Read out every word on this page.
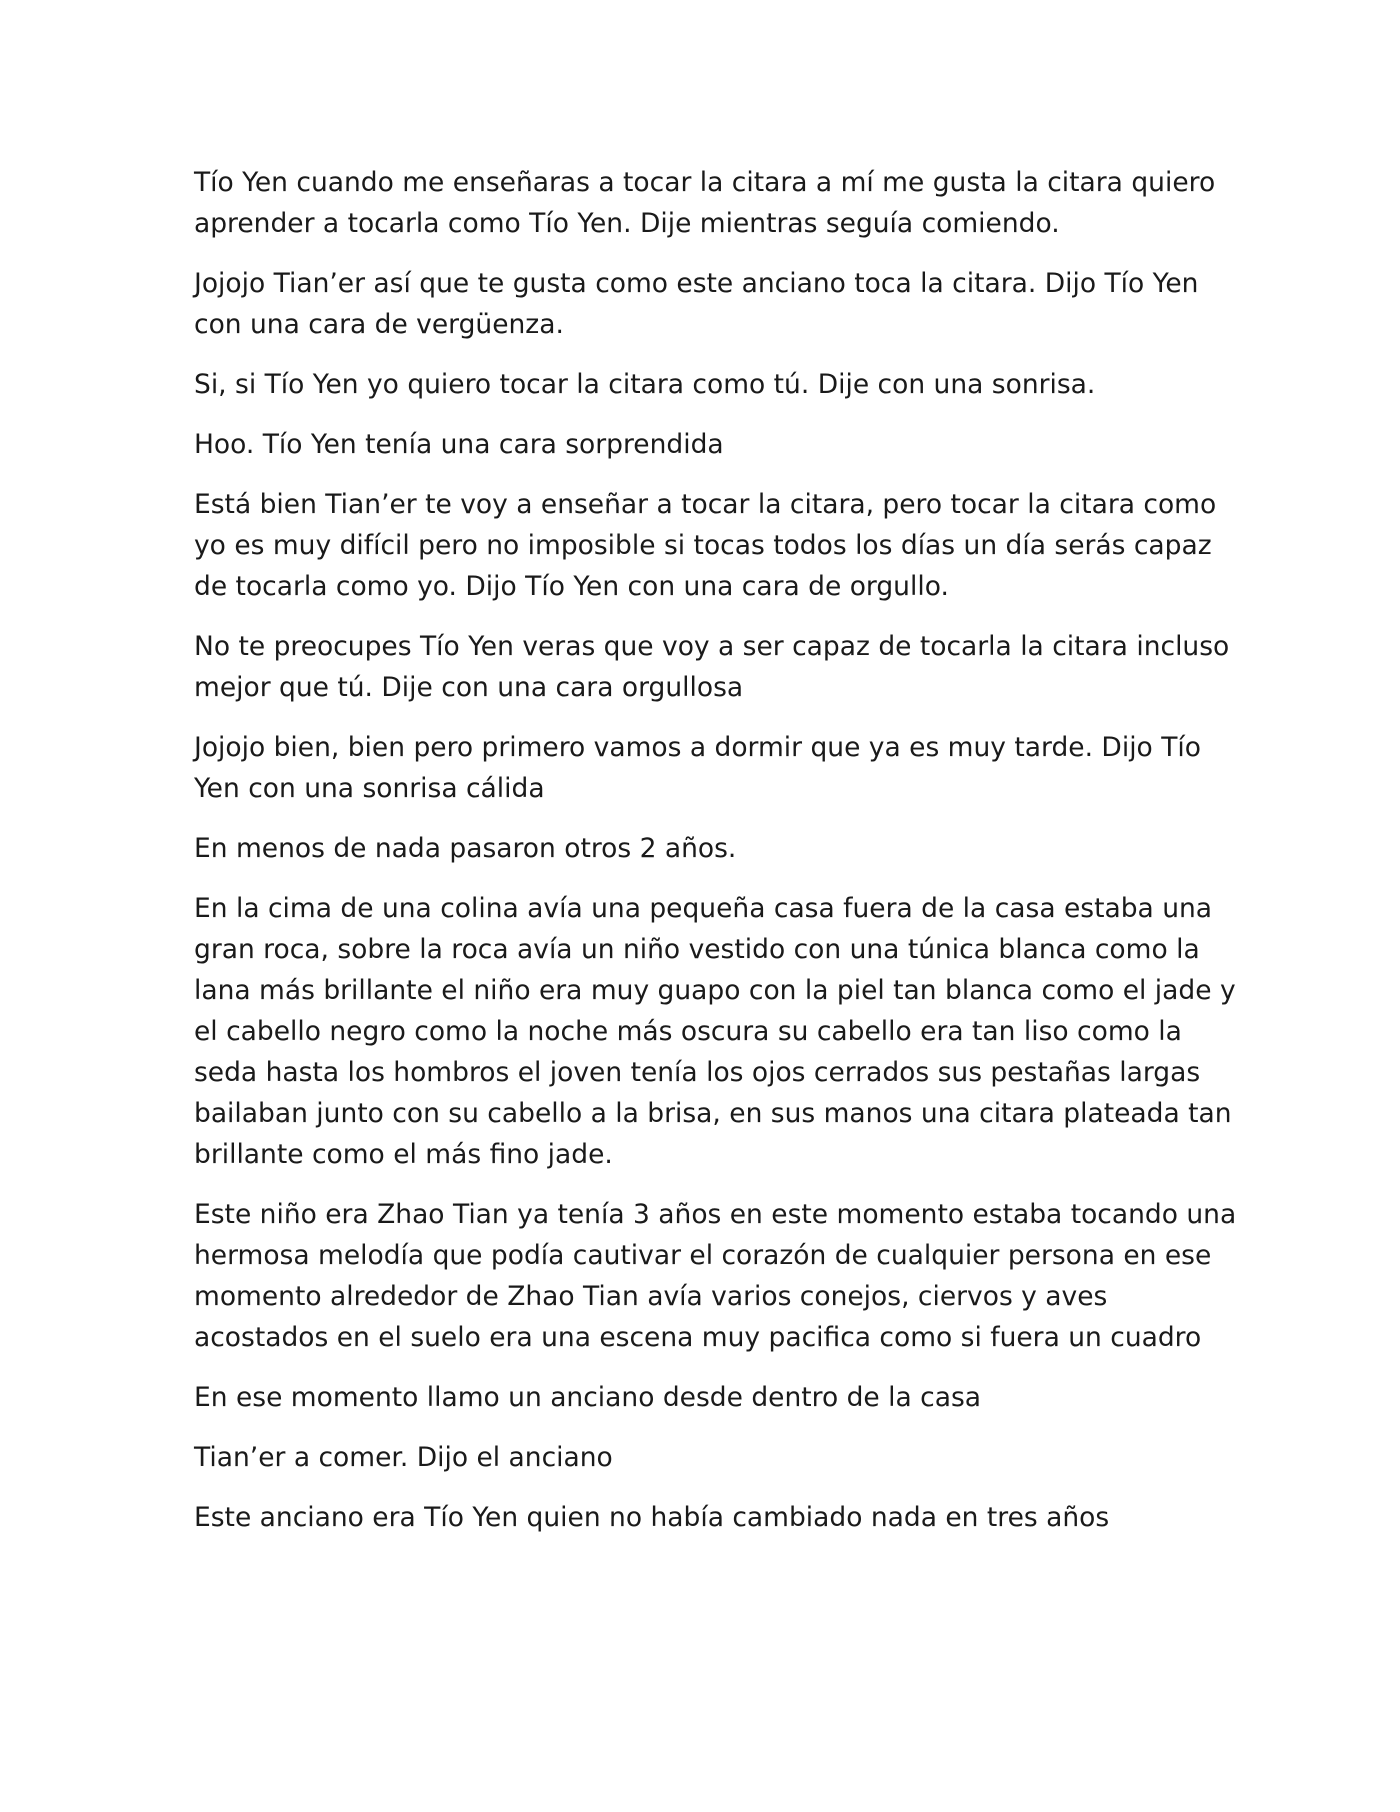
Tío Yen cuando me enseñaras a tocar la citara a mí me gusta la citara quiero
aprender a tocarla como Tío Yen. Dije mientras seguía comiendo.

Jojojo Tian’er así que te gusta como este anciano toca la citara. Dijo Tío Yen
con una cara de vergüenza.

Si, si Tío Yen yo quiero tocar la citara como tú. Dije con una sonrisa.

Hoo. Tío Yen tenía una cara sorprendida

Está bien Tian’er te voy a enseñar a tocar la citara, pero tocar la citara como
yo es muy difícil pero no imposible si tocas todos los días un día serás capaz
de tocarla como yo. Dijo Tío Yen con una cara de orgullo.

No te preocupes Tío Yen veras que voy a ser capaz de tocarla la citara incluso
mejor que tú. Dije con una cara orgullosa

Jojojo bien, bien pero primero vamos a dormir que ya es muy tarde. Dijo Tío
Yen con una sonrisa cálida

En menos de nada pasaron otros 2 años.

En la cima de una colina avía una pequeña casa fuera de la casa estaba una
gran roca, sobre la roca avía un niño vestido con una túnica blanca como la
lana más brillante el niño era muy guapo con la piel tan blanca como el jade y
el cabello negro como la noche más oscura su cabello era tan liso como la
seda hasta los hombros el joven tenía los ojos cerrados sus pestañas largas
bailaban junto con su cabello a la brisa, en sus manos una citara plateada tan
brillante como el más fino jade.

Este niño era Zhao Tian ya tenía 3 años en este momento estaba tocando una
hermosa melodía que podía cautivar el corazón de cualquier persona en ese
momento alrededor de Zhao Tian avía varios conejos, ciervos y aves
acostados en el suelo era una escena muy pacifica como si fuera un cuadro

En ese momento llamo un anciano desde dentro de la casa

Tian’er a comer. Dijo el anciano

Este anciano era Tío Yen quien no había cambiado nada en tres años
